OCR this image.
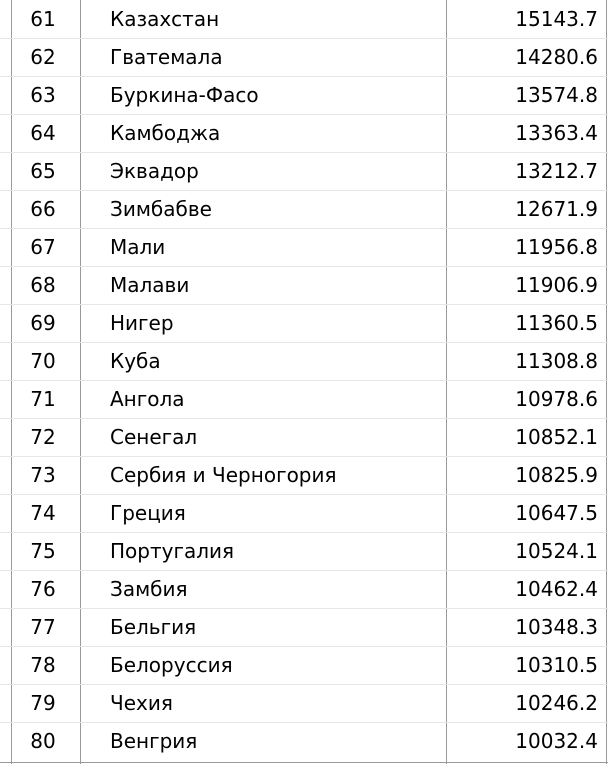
61	Казахстан	15143.7
62	Гватемала	14280.6
63	Буркина-Фасо	13574.8
64	Камбоджа	13363.4
65	Эквадор	13212.7
66	Зимбабве	12671.9
67	Мали	11956.8
68	Малави	11906.9
69	Нигер	11360.5
70	Куба	11308.8
71	Ангола	10978.6
72	Сенегал	10852.1
73	Сербия и Черногория	10825.9
74	Греция	10647.5
75	Португалия	10524.1
76	Замбия	10462.4
77	Бельгия	10348.3
78	Белоруссия	10310.5
79	Чехия	10246.2
80	Венгрия	10032.4
